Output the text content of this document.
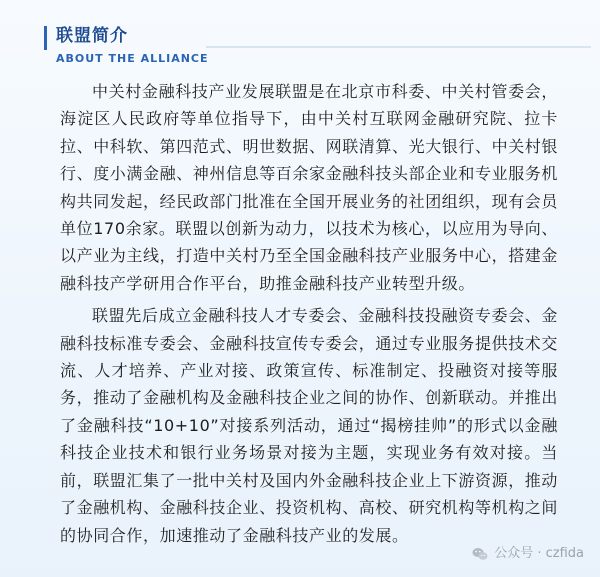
联盟简介
ABOUT THE ALLIANCE

中关村金融科技产业发展联盟是在北京市科委、中关村管委会，海淀区人民政府等单位指导下，由中关村互联网金融研究院、拉卡拉、中科软、第四范式、明世数据、网联清算、光大银行、中关村银行、度小满金融、神州信息等百余家金融科技头部企业和专业服务机构共同发起，经民政部门批准在全国开展业务的社团组织，现有会员单位170余家。联盟以创新为动力，以技术为核心，以应用为导向、以产业为主线，打造中关村乃至全国金融科技产业服务中心，搭建金融科技产学研用合作平台，助推金融科技产业转型升级。

联盟先后成立金融科技人才专委会、金融科技投融资专委会、金融科技标准专委会、金融科技宣传专委会，通过专业服务提供技术交流、人才培养、产业对接、政策宣传、标准制定、投融资对接等服务，推动了金融机构及金融科技企业之间的协作、创新联动。并推出了金融科技“10+10”对接系列活动，通过“揭榜挂帅”的形式以金融科技企业技术和银行业务场景对接为主题，实现业务有效对接。当前，联盟汇集了一批中关村及国内外金融科技企业上下游资源，推动了金融机构、金融科技企业、投资机构、高校、研究机构等机构之间的协同合作，加速推动了金融科技产业的发展。

公众号 · czfida
